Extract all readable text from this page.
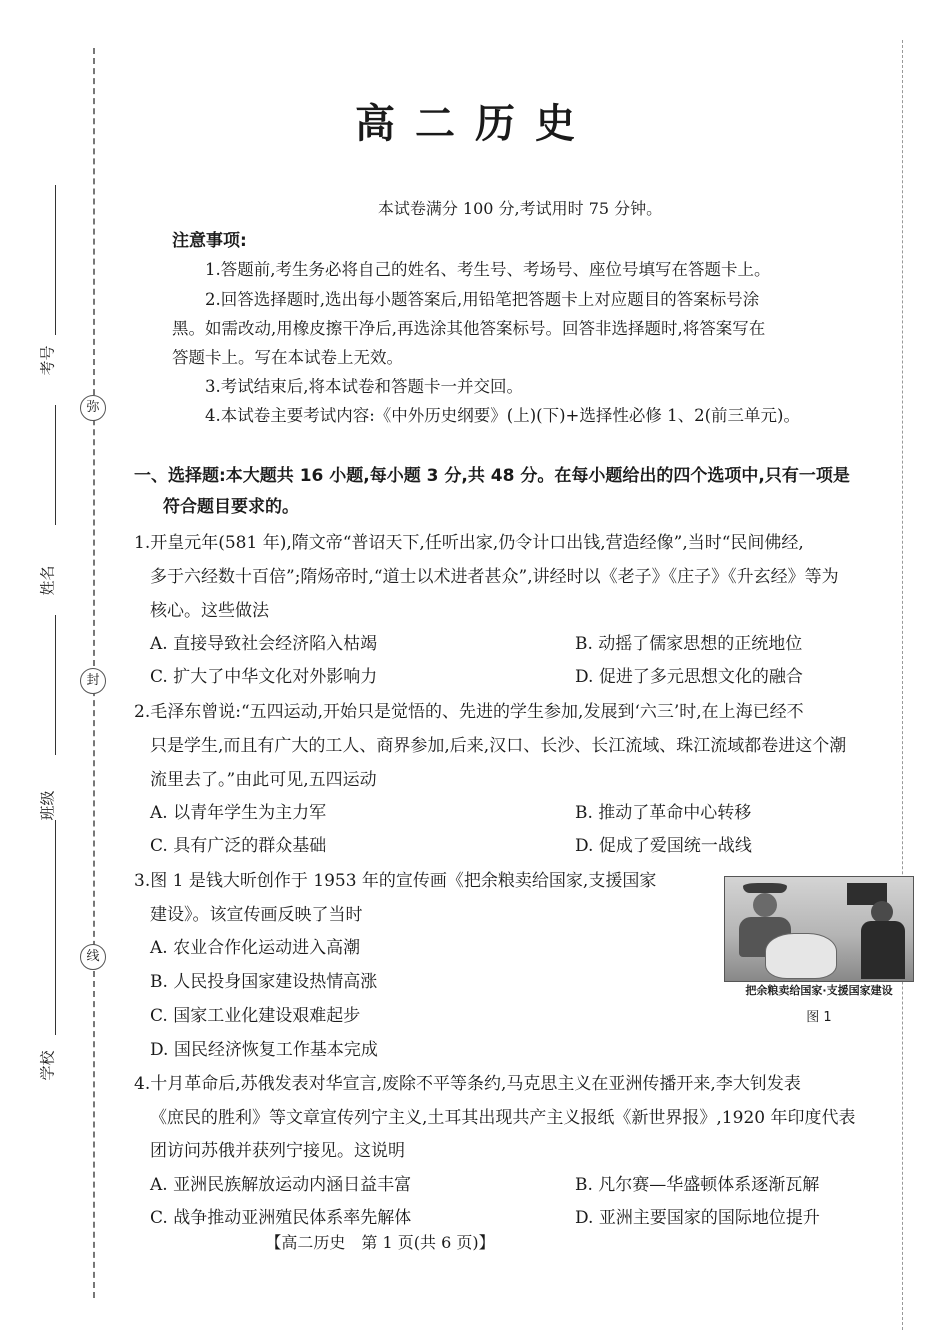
考号
姓名
班级
学校
弥
封
线
高二历史
本试卷满分 100 分,考试用时 75 分钟。
注意事项:
1.答题前,考生务必将自己的姓名、考生号、考场号、座位号填写在答题卡上。
2.回答选择题时,选出每小题答案后,用铅笔把答题卡上对应题目的答案标号涂
黑。如需改动,用橡皮擦干净后,再选涂其他答案标号。回答非选择题时,将答案写在
答题卡上。写在本试卷上无效。
3.考试结束后,将本试卷和答题卡一并交回。
4.本试卷主要考试内容:《中外历史纲要》(上)(下)+选择性必修 1、2(前三单元)。
一、选择题:本大题共 16 小题,每小题 3 分,共 48 分。在每小题给出的四个选项中,只有一项是
符合题目要求的。
1.开皇元年(581 年),隋文帝“普诏天下,任听出家,仍令计口出钱,营造经像”,当时“民间佛经,
多于六经数十百倍”;隋炀帝时,“道士以术进者甚众”,讲经时以《老子》《庄子》《升玄经》等为
核心。这些做法
A. 直接导致社会经济陷入枯竭	B. 动摇了儒家思想的正统地位
C. 扩大了中华文化对外影响力	D. 促进了多元思想文化的融合
2.毛泽东曾说:“五四运动,开始只是觉悟的、先进的学生参加,发展到‘六三’时,在上海已经不
只是学生,而且有广大的工人、商界参加,后来,汉口、长沙、长江流域、珠江流域都卷进这个潮
流里去了。”由此可见,五四运动
A. 以青年学生为主力军	B. 推动了革命中心转移
C. 具有广泛的群众基础	D. 促成了爱国统一战线
3.图 1 是钱大昕创作于 1953 年的宣传画《把余粮卖给国家,支援国家
建设》。该宣传画反映了当时
A. 农业合作化运动进入高潮
B. 人民投身国家建设热情高涨
C. 国家工业化建设艰难起步
D. 国民经济恢复工作基本完成
把余粮卖给国家·支援国家建设
图 1
4.十月革命后,苏俄发表对华宣言,废除不平等条约,马克思主义在亚洲传播开来,李大钊发表
《庶民的胜利》等文章宣传列宁主义,土耳其出现共产主义报纸《新世界报》,1920 年印度代表
团访问苏俄并获列宁接见。这说明
A. 亚洲民族解放运动内涵日益丰富	B. 凡尔赛—华盛顿体系逐渐瓦解
C. 战争推动亚洲殖民体系率先解体	D. 亚洲主要国家的国际地位提升
【高二历史　第 1 页(共 6 页)】
